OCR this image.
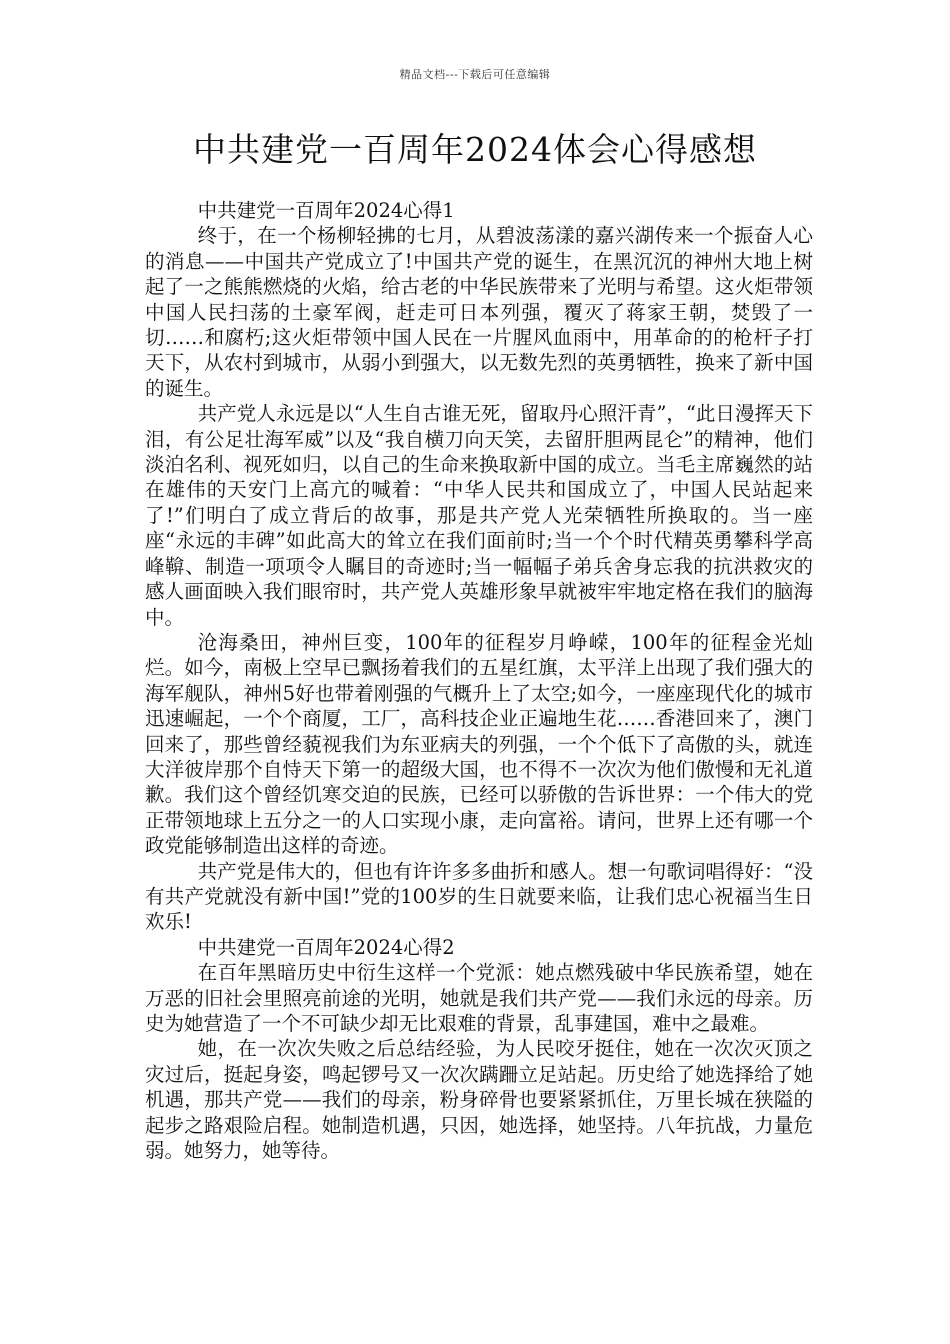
精品文档---下载后可任意编辑
中共建党一百周年2024体会心得感想

中共建党一百周年2024心得1

终于，在一个杨柳轻拂的七月，从碧波荡漾的嘉兴湖传来一个振奋人心的消息——中国共产党成立了!中国共产党的诞生，在黑沉沉的神州大地上树起了一之熊熊燃烧的火焰，给古老的中华民族带来了光明与希望。这火炬带领中国人民扫荡的土豪军阀，赶走可日本列强，覆灭了蒋家王朝，焚毁了一切……和腐朽;这火炬带领中国人民在一片腥风血雨中，用革命的的枪杆子打天下，从农村到城市，从弱小到强大，以无数先烈的英勇牺牲，换来了新中国的诞生。

共产党人永远是以“人生自古谁无死，留取丹心照汗青”，“此日漫挥天下泪，有公足壮海军威”以及“我自横刀向天笑，去留肝胆两昆仑”的精神，他们淡泊名利、视死如归，以自己的生命来换取新中国的成立。当毛主席巍然的站在雄伟的天安门上高亢的喊着：“中华人民共和国成立了，中国人民站起来了!”们明白了成立背后的故事，那是共产党人光荣牺牲所换取的。当一座座“永远的丰碑”如此高大的耸立在我们面前时;当一个个时代精英勇攀科学高峰鞥、制造一项项令人瞩目的奇迹时;当一幅幅子弟兵舍身忘我的抗洪救灾的感人画面映入我们眼帘时，共产党人英雄形象早就被牢牢地定格在我们的脑海中。

沧海桑田，神州巨变，100年的征程岁月峥嵘，100年的征程金光灿烂。如今，南极上空早已飘扬着我们的五星红旗，太平洋上出现了我们强大的海军舰队，神州5好也带着刚强的气概升上了太空;如今，一座座现代化的城市迅速崛起，一个个商厦，工厂，高科技企业正遍地生花……香港回来了，澳门回来了，那些曾经藐视我们为东亚病夫的列强，一个个低下了高傲的头，就连大洋彼岸那个自恃天下第一的超级大国，也不得不一次次为他们傲慢和无礼道歉。我们这个曾经饥寒交迫的民族，已经可以骄傲的告诉世界：一个伟大的党正带领地球上五分之一的人口实现小康，走向富裕。请问，世界上还有哪一个政党能够制造出这样的奇迹。

共产党是伟大的，但也有许许多多曲折和感人。想一句歌词唱得好：“没有共产党就没有新中国!”党的100岁的生日就要来临，让我们忠心祝福当生日欢乐!

中共建党一百周年2024心得2

在百年黑暗历史中衍生这样一个党派：她点燃残破中华民族希望，她在万恶的旧社会里照亮前途的光明，她就是我们共产党——我们永远的母亲。历史为她营造了一个不可缺少却无比艰难的背景，乱事建国，难中之最难。

她，在一次次失败之后总结经验，为人民咬牙挺住，她在一次次灭顶之灾过后，挺起身姿，鸣起锣号又一次次蹒跚立足站起。历史给了她选择给了她机遇，那共产党——我们的母亲，粉身碎骨也要紧紧抓住，万里长城在狭隘的起步之路艰险启程。她制造机遇，只因，她选择，她坚持。八年抗战，力量危弱。她努力，她等待。
